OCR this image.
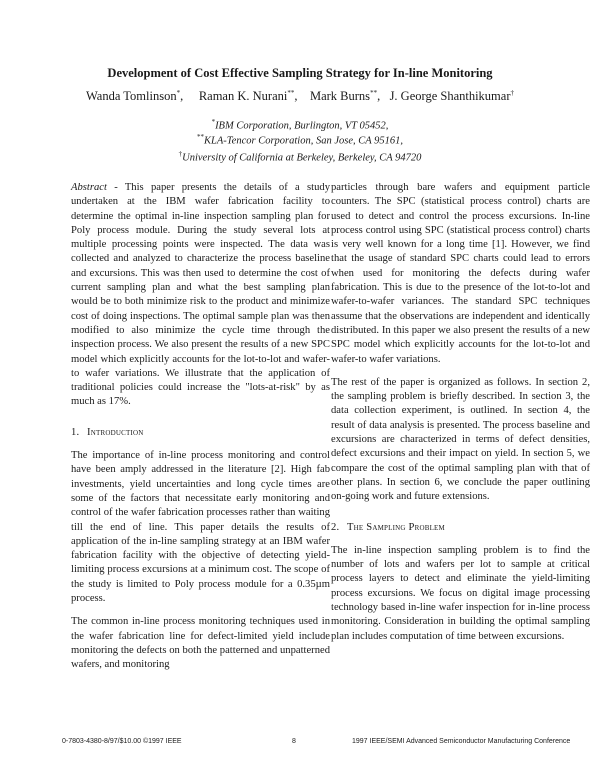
Development of Cost Effective Sampling Strategy for In-line Monitoring
Wanda Tomlinson*,     Raman K. Nurani**,    Mark Burns**,   J. George Shanthikumar†
*IBM Corporation, Burlington, VT 05452,
**KLA-Tencor Corporation, San Jose, CA 95161,
†University of California at Berkeley, Berkeley, CA 94720

Abstract - This paper presents the details of a study undertaken at the IBM wafer fabrication facility to determine the optimal in-line inspection sampling plan for Poly process module. During the study several lots at multiple processing points were inspected. The data was collected and analyzed to characterize the process baseline and excursions. This was then used to determine the cost of current sampling plan and what the best sampling plan would be to both minimize risk to the product and minimize cost of doing inspections. The optimal sample plan was then modified to also minimize the cycle time through the inspection process. We also present the results of a new SPC model which explicitly accounts for the lot-to-lot and wafer-to wafer variations. We illustrate that the application of traditional policies could increase the "lots-at-risk" by as much as 17%.

1. Introduction

The importance of in-line process monitoring and control have been amply addressed in the literature [2]. High fab investments, yield uncertainties and long cycle times are some of the factors that necessitate early monitoring and control of the wafer fabrication processes rather than waiting till the end of line. This paper details the results of application of the in-line sampling strategy at an IBM wafer fabrication facility with the objective of detecting yield-limiting process excursions at a minimum cost. The scope of the study is limited to Poly process module for a 0.35µm process.

The common in-line process monitoring techniques used in the wafer fabrication line for defect-limited yield include monitoring the defects on both the patterned and unpatterned wafers, and monitoring

particles through bare wafers and equipment particle counters. The SPC (statistical process control) charts are used to detect and control the process excursions. In-line process control using SPC (statistical process control) charts is very well known for a long time [1]. However, we find that the usage of standard SPC charts could lead to errors when used for monitoring the defects during wafer fabrication. This is due to the presence of the lot-to-lot and wafer-to-wafer variances. The standard SPC techniques assume that the observations are independent and identically distributed. In this paper we also present the results of a new SPC model which explicitly accounts for the lot-to-lot and wafer-to wafer variations.

The rest of the paper is organized as follows. In section 2, the sampling problem is briefly described. In section 3, the data collection experiment, is outlined. In section 4, the result of data analysis is presented. The process baseline and excursions are characterized in terms of defect densities, defect excursions and their impact on yield. In section 5, we compare the cost of the optimal sampling plan with that of other plans. In section 6, we conclude the paper outlining on-going work and future extensions.

2. The Sampling Problem

The in-line inspection sampling problem is to find the number of lots and wafers per lot to sample at critical process layers to detect and eliminate the yield-limiting process excursions. We focus on digital image processing technology based in-line wafer inspection for in-line process monitoring. Consideration in building the optimal sampling plan includes computation of time between excursions.

0-7803-4380-8/97/$10.00 ©1997 IEEE	8	1997 IEEE/SEMI Advanced Semiconductor Manufacturing Conference
